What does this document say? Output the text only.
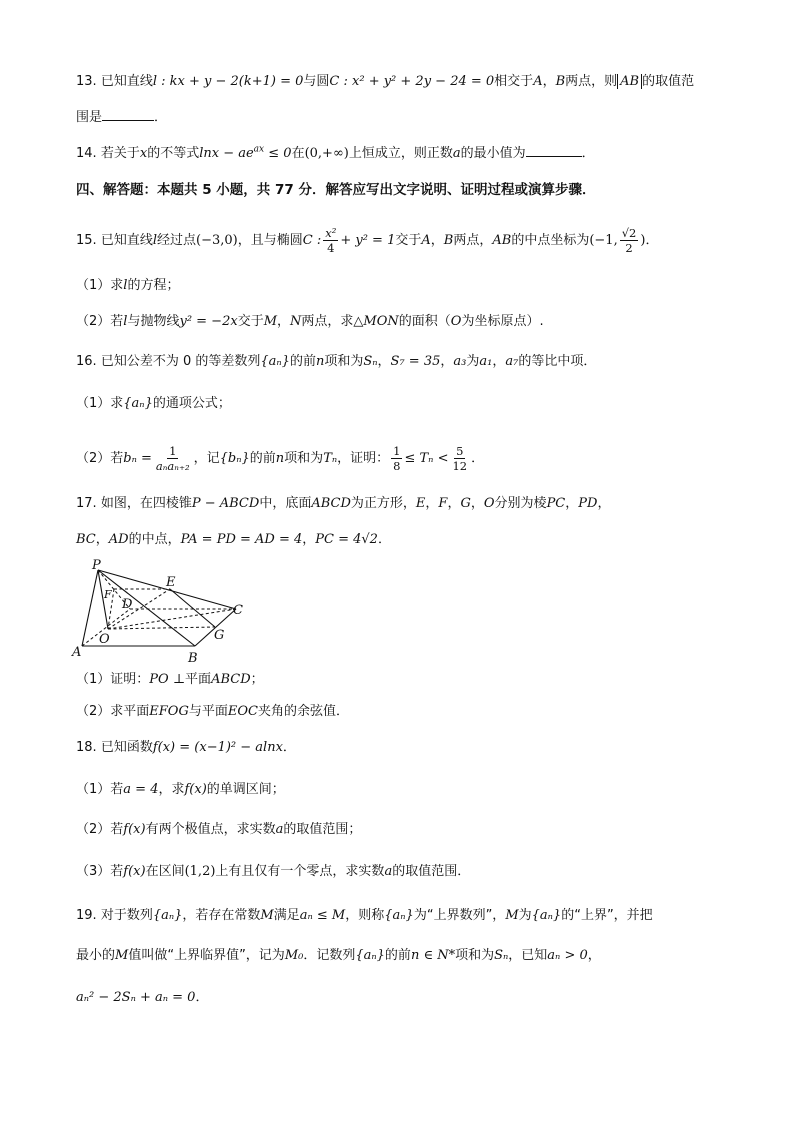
13. 已知直线l : kx + y − 2(k+1) = 0与圆C : x² + y² + 2y − 24 = 0相交于A，B两点，则 AB 的取值范
围是	．
14. 若关于x的不等式$\ln x - ae^{ax} \le 0$在(0,+∞)上恒成立，则正数a的最小值为	．
四、解答题：本题共 5 小题，共 77 分．解答应写出文字说明、证明过程或演算步骤．
15. 已知直线l经过点(−3,0)，且与椭圆C : $\frac{\text{x²}}{4} + y^2 = 1$交于A，B两点，AB的中点坐标为(−1, $\frac{√2}{2}$ )．
（1）求l的方程；
（2）若l与抛物线y² = −2x交于M，N两点，求△MON的面积（O为坐标原点）.
16. 已知公差不为 0 的等差数列{aₙ}的前n项和为Sₙ，S₇ = 35，a₃为a₁，a₇的等比中项．
（1）求{aₙ}的通项公式；
（2）若$b_n = \frac{1}{\text{aₙaₙ₊₂}}$ ，记{bₙ}的前n项和为Tₙ，证明： $\frac{1}{8} \le T_n < \frac{5}{12}$ ．
17. 如图，在四棱锥P − ABCD中，底面ABCD为正方形，E，F，G，O分别为棱PC，PD，
BC，AD的中点，PA = PD = AD = 4，PC = 4√2．
P
E
D	C
F
O	G
A	B
（1）证明：PO ⊥平面ABCD；
（2）求平面EFOG与平面EOC夹角的余弦值．
18. 已知函数f(x) = (x−1)² − alnx．
（1）若a = 4，求f(x)的单调区间；
（2）若f(x)有两个极值点，求实数a的取值范围；
（3）若f(x)在区间(1,2)上有且仅有一个零点，求实数a的取值范围．
19. 对于数列{aₙ}，若存在常数M满足aₙ ≤ M，则称{aₙ}为“上界数列”，M为{aₙ}的“上界”，并把
最小的M值叫做“上界临界值”，记为M₀．记数列{aₙ}的前n ∈ N*项和为Sₙ，已知aₙ > 0，
aₙ² − 2Sₙ + aₙ = 0．
